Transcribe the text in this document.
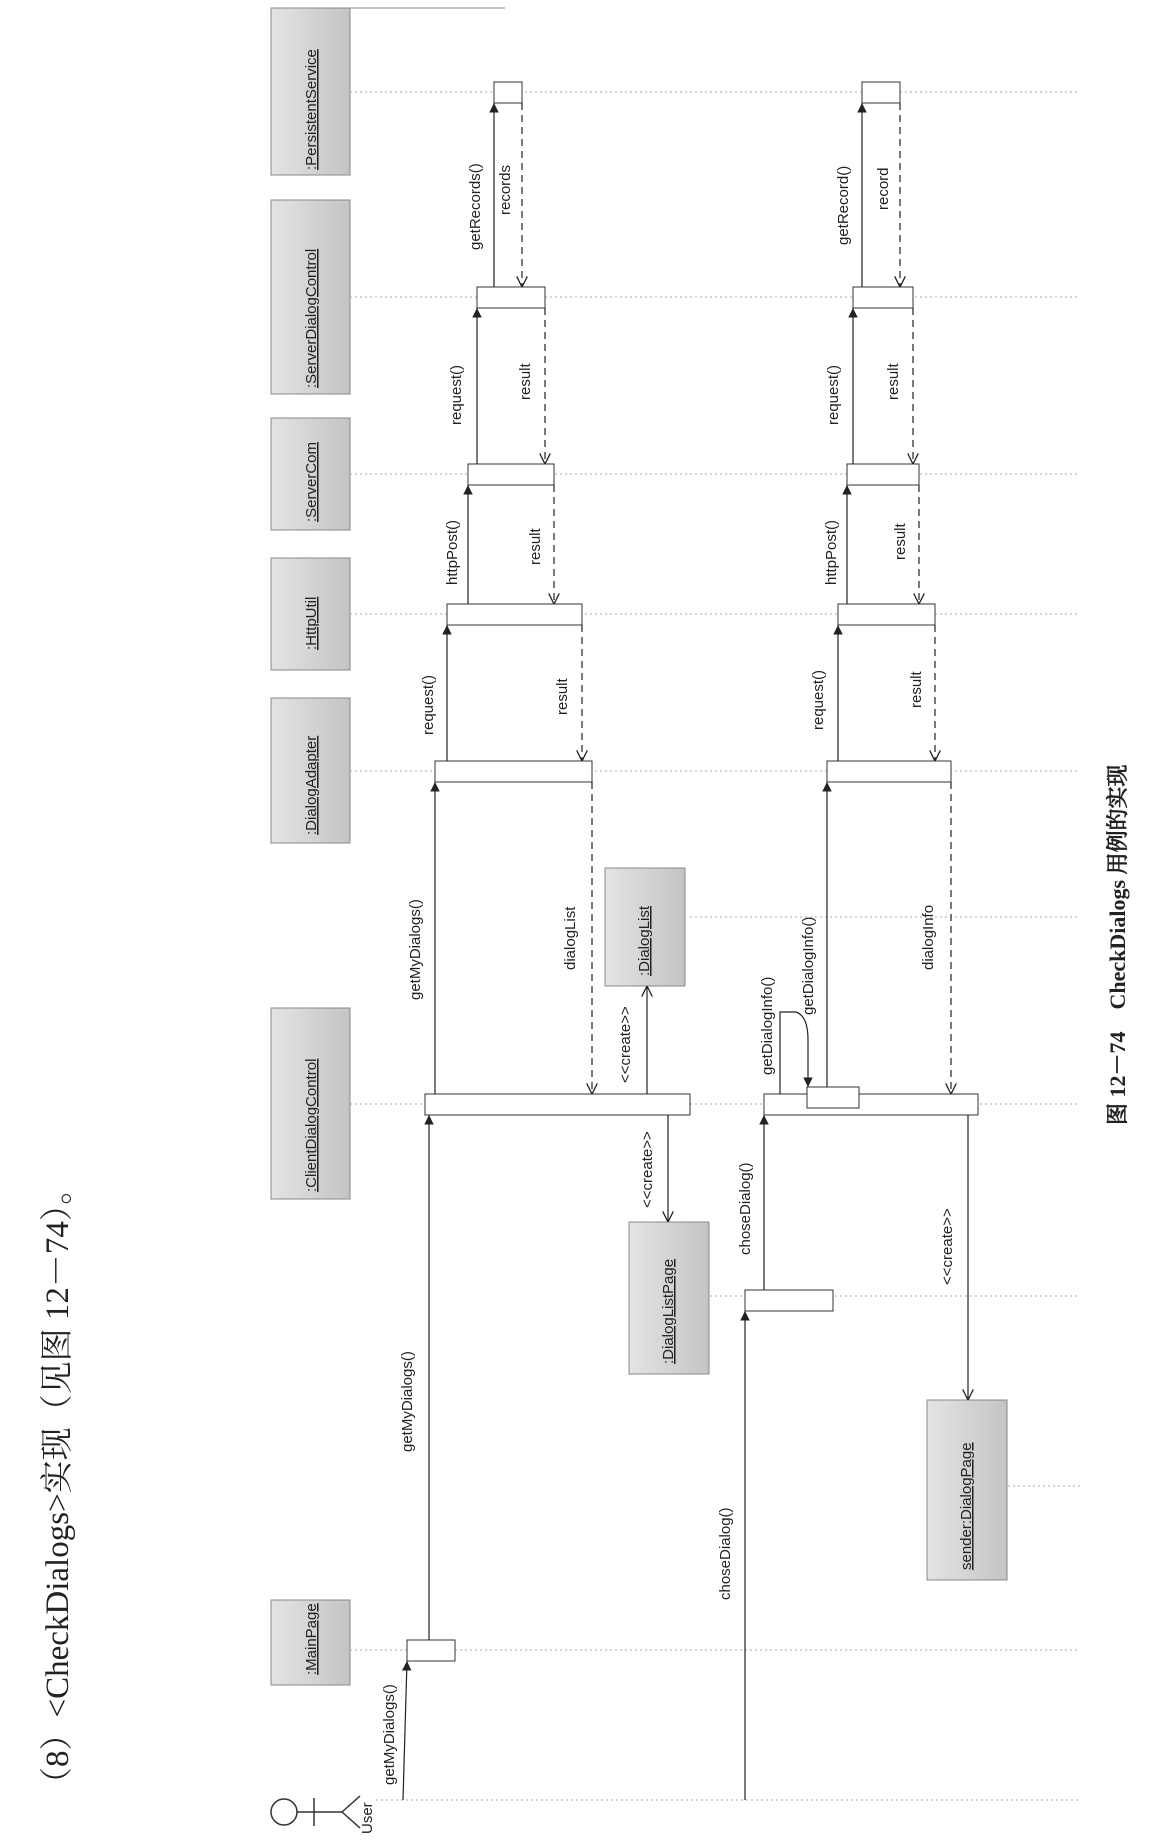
（8）<CheckDialogs>实现（见图 12－74）。
图 12－74　CheckDialogs 用例的实现
:PersistentService
:ServerDialogControl
:ServerCom
:HttpUtil
:DialogAdapter
:ClientDialogControl
:MainPage
User
:DialogList
:DialogListPage
sender:DialogPage
getMyDialogs()
getMyDialogs()
getMyDialogs()
request()
httpPost()
request()
getRecords() records
result
result
result
dialogList
<<create>>
<<create>>
choseDialog()
choseDialog()
getDialogInfo()
getDialogInfo()
request()
httpPost()
request()
getRecord() record
result
result
result
dialogInfo
<<create>>
